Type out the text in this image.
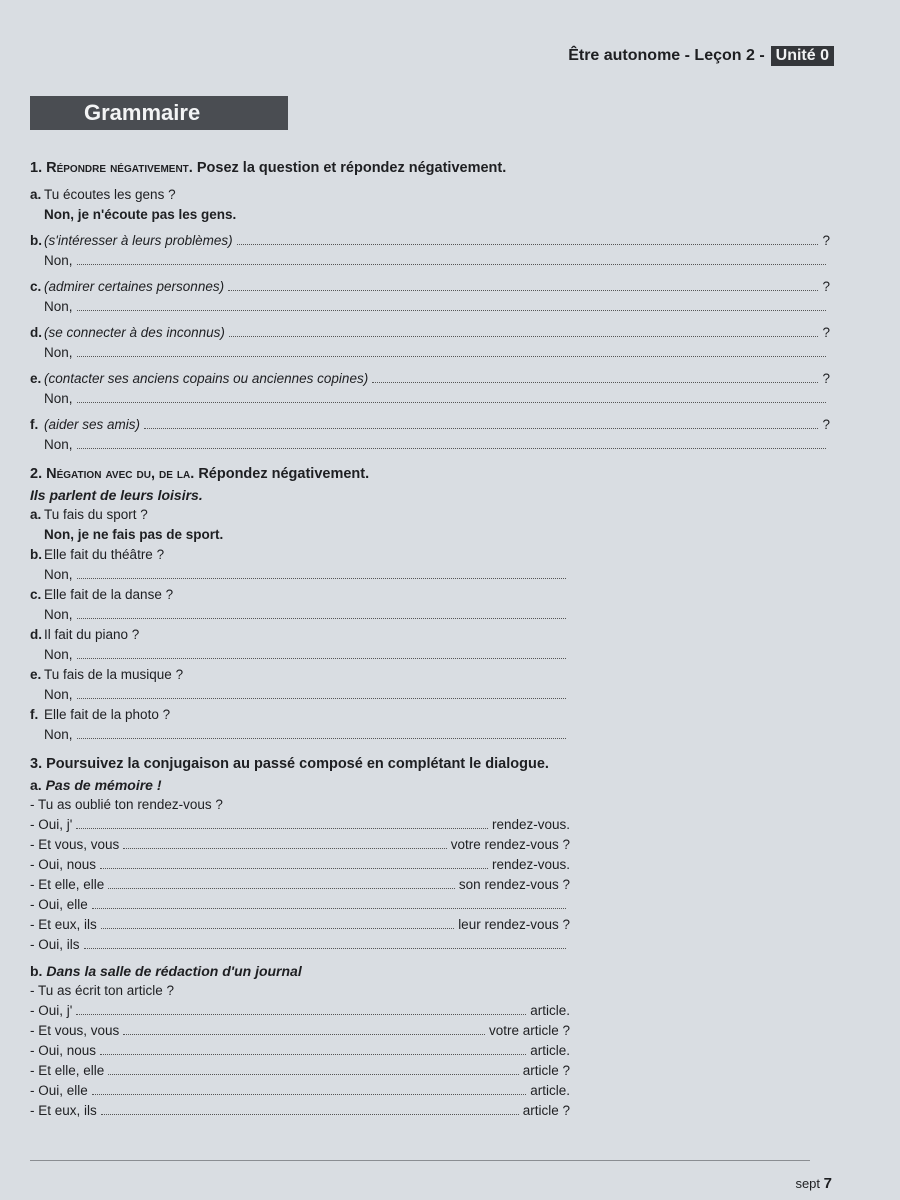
Être autonome - Leçon 2 - Unité 0
Grammaire
1. Répondre négativement. Posez la question et répondez négativement.
a. Tu écoutes les gens ?
Non, je n'écoute pas les gens.
b. (s'intéresser à leurs problèmes)	?
Non,
c. (admirer certaines personnes)	?
Non,
d. (se connecter à des inconnus)	?
Non,
e. (contacter ses anciens copains ou anciennes copines)	?
Non,
f. (aider ses amis)	?
Non,
2. Négation avec du, de la. Répondez négativement.
Ils parlent de leurs loisirs.
a. Tu fais du sport ?
Non, je ne fais pas de sport.
b. Elle fait du théâtre ?
Non,
c. Elle fait de la danse ?
Non,
d. Il fait du piano ?
Non,
e. Tu fais de la musique ?
Non,
f. Elle fait de la photo ?
Non,
3. Poursuivez la conjugaison au passé composé en complétant le dialogue.
a. Pas de mémoire !
- Tu as oublié ton rendez-vous ?
- Oui, j'	rendez-vous.
- Et vous, vous	votre rendez-vous ?
- Oui, nous	rendez-vous.
- Et elle, elle	son rendez-vous ?
- Oui, elle
- Et eux, ils	leur rendez-vous ?
- Oui, ils
b. Dans la salle de rédaction d'un journal
- Tu as écrit ton article ?
- Oui, j'	article.
- Et vous, vous	votre article ?
- Oui, nous	article.
- Et elle, elle	article ?
- Oui, elle	article.
- Et eux, ils	article ?
sept 7
